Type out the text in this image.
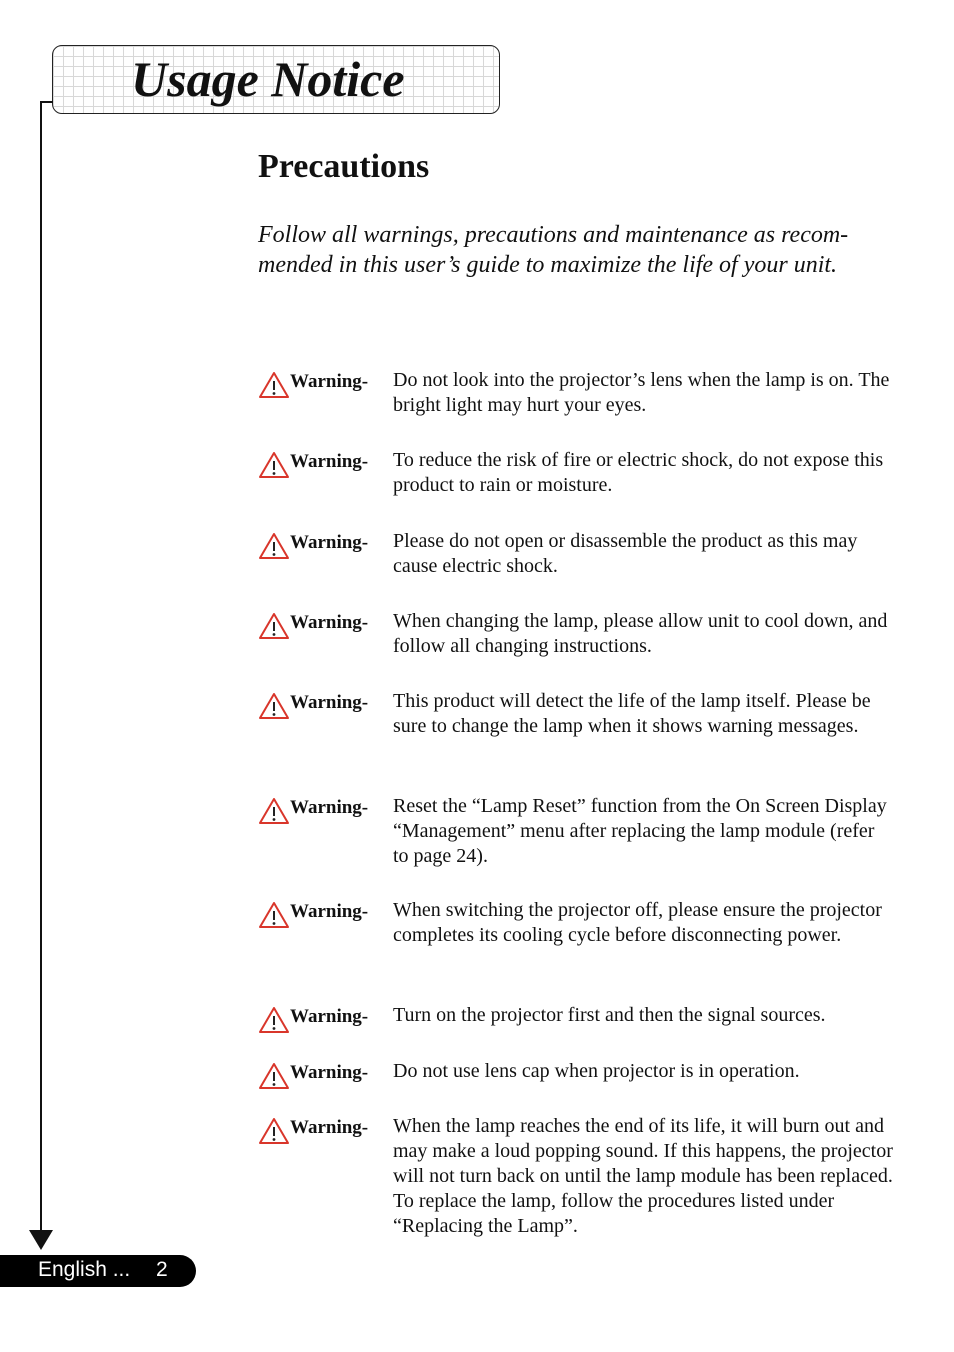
Usage Notice
Precautions

Follow all warnings, precautions and maintenance as recom-mended in this user’s guide to maximize the life of your unit.

Warning- Do not look into the projector’s lens when the lamp is on. The bright light may hurt your eyes.
Warning- To reduce the risk of fire or electric shock, do not expose this product to rain or moisture.
Warning- Please do not open or disassemble the product as this may cause electric shock.
Warning- When changing the lamp, please allow unit to cool down, and follow all changing instructions.
Warning- This product will detect the life of the lamp itself. Please be sure to change the lamp when it shows warning messages.
Warning- Reset the “Lamp Reset” function from the On Screen Display “Management” menu after replacing the lamp module (refer to page 24).
Warning- When switching the projector off, please ensure the projector completes its cooling cycle before disconnecting power.
Warning- Turn on the projector first and then the signal sources.
Warning- Do not use lens cap when projector is in operation.
Warning- When the lamp reaches the end of its life, it will burn out and may make a loud popping sound. If this happens, the projector will not turn back on until the lamp module has been replaced. To replace the lamp, follow the procedures listed under “Replacing the Lamp”.
English ... 2
